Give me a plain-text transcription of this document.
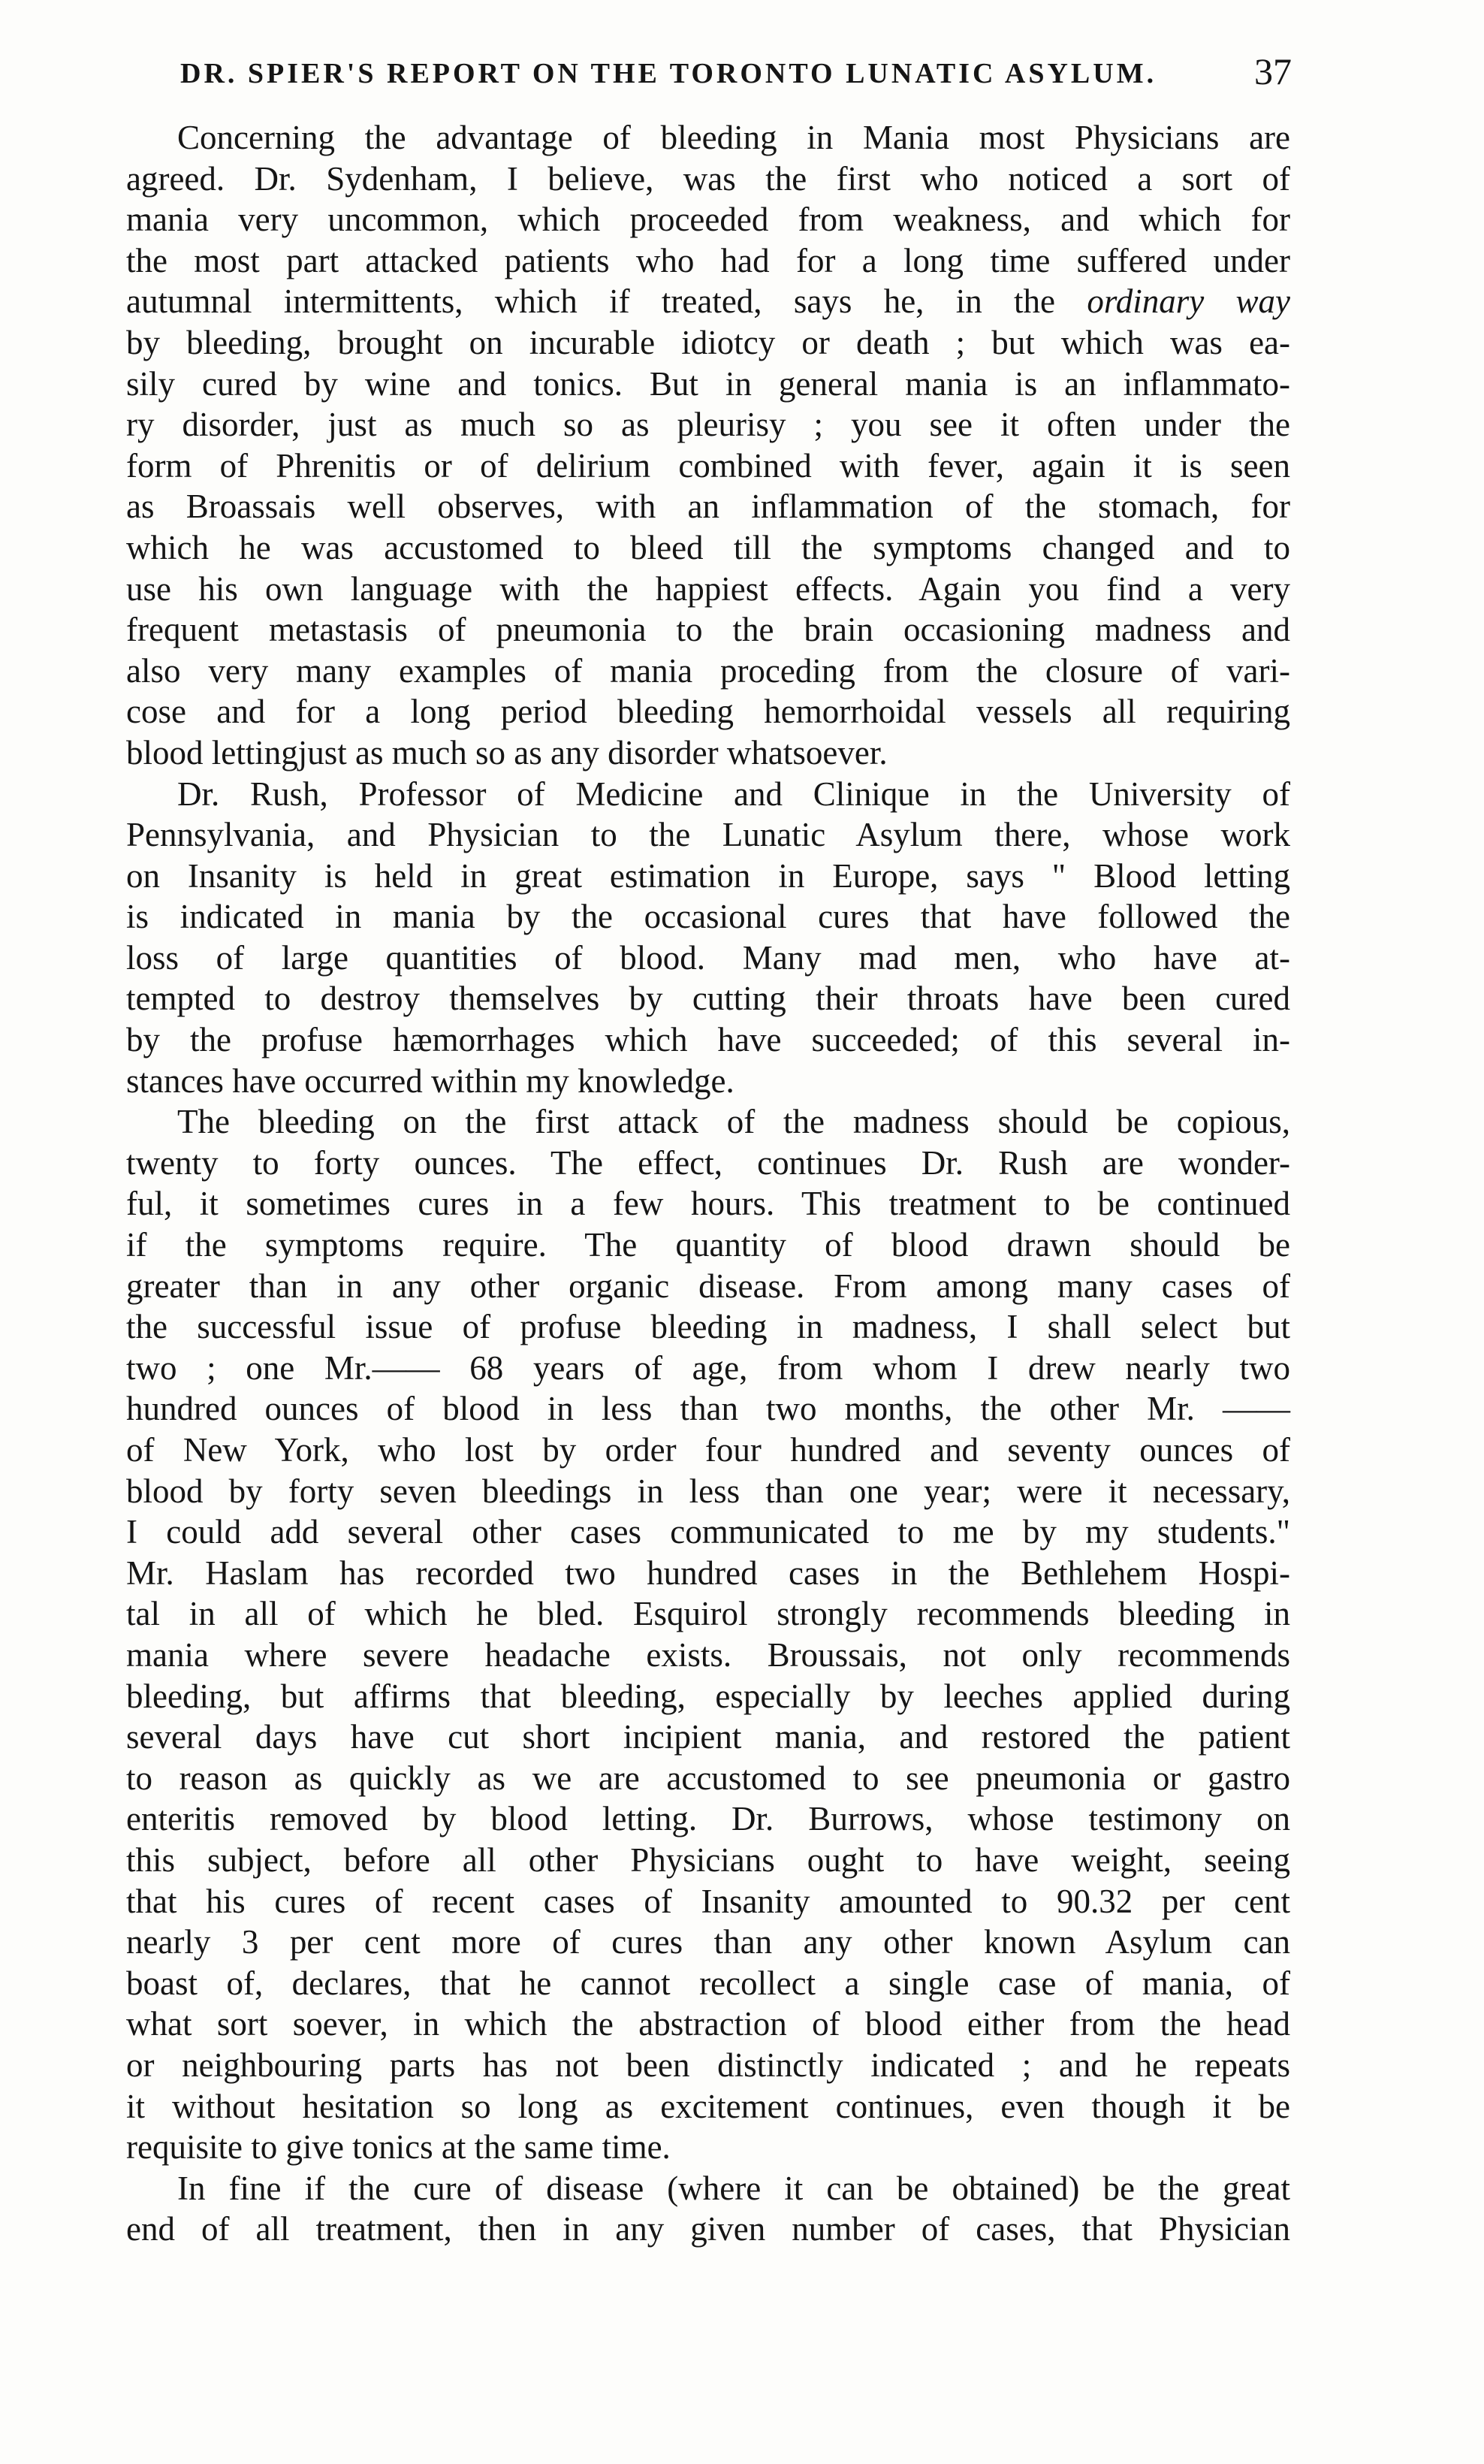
DR. SPIER'S REPORT ON THE TORONTO LUNATIC ASYLUM.	37

Concerning the advantage of bleeding in Mania most Physicians are
agreed. Dr. Sydenham, I believe, was the first who noticed a sort of
mania very uncommon, which proceeded from weakness, and which for
the most part attacked patients who had for a long time suffered under
autumnal intermittents, which if treated, says he, in the ordinary way
by bleeding, brought on incurable idiotcy or death ; but which was ea-
sily cured by wine and tonics. But in general mania is an inflammato-
ry disorder, just as much so as pleurisy ; you see it often under the
form of Phrenitis or of delirium combined with fever, again it is seen
as Broassais well observes, with an inflammation of the stomach, for
which he was accustomed to bleed till the symptoms changed and to
use his own language with the happiest effects. Again you find a very
frequent metastasis of pneumonia to the brain occasioning madness and
also very many examples of mania proceding from the closure of vari-
cose and for a long period bleeding hemorrhoidal vessels all requiring
blood lettingjust as much so as any disorder whatsoever.

Dr. Rush, Professor of Medicine and Clinique in the University of
Pennsylvania, and Physician to the Lunatic Asylum there, whose work
on Insanity is held in great estimation in Europe, says " Blood letting
is indicated in mania by the occasional cures that have followed the
loss of large quantities of blood. Many mad men, who have at-
tempted to destroy themselves by cutting their throats have been cured
by the profuse hæmorrhages which have succeeded; of this several in-
stances have occurred within my knowledge.

The bleeding on the first attack of the madness should be copious,
twenty to forty ounces. The effect, continues Dr. Rush are wonder-
ful, it sometimes cures in a few hours. This treatment to be continued
if the symptoms require. The quantity of blood drawn should be
greater than in any other organic disease. From among many cases of
the successful issue of profuse bleeding in madness, I shall select but
two ; one Mr.—— 68 years of age, from whom I drew nearly two
hundred ounces of blood in less than two months, the other Mr. ——
of New York, who lost by order four hundred and seventy ounces of
blood by forty seven bleedings in less than one year; were it necessary,
I could add several other cases communicated to me by my students."
Mr. Haslam has recorded two hundred cases in the Bethlehem Hospi-
tal in all of which he bled. Esquirol strongly recommends bleeding in
mania where severe headache exists. Broussais, not only recommends
bleeding, but affirms that bleeding, especially by leeches applied during
several days have cut short incipient mania, and restored the patient
to reason as quickly as we are accustomed to see pneumonia or gastro
enteritis removed by blood letting. Dr. Burrows, whose testimony on
this subject, before all other Physicians ought to have weight, seeing
that his cures of recent cases of Insanity amounted to 90.32 per cent
nearly 3 per cent more of cures than any other known Asylum can
boast of, declares, that he cannot recollect a single case of mania, of
what sort soever, in which the abstraction of blood either from the head
or neighbouring parts has not been distinctly indicated ; and he repeats
it without hesitation so long as excitement continues, even though it be
requisite to give tonics at the same time.

In fine if the cure of disease (where it can be obtained) be the great
end of all treatment, then in any given number of cases, that Physician
